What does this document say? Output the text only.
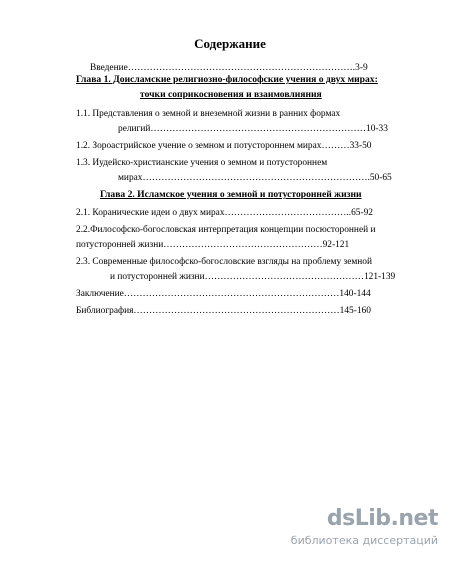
Содержание
Введение……………………………………………………………….3-9
Глава 1. Доисламские религиозно-философские учения о двух мирах:
точки соприкосновения и взаимовлияния
1.1. Представления о земной и внеземной жизни в ранних формах
религий……………………………………………………………10-33
1.2. Зороастрийское учение о земном и потустороннем мирах………33-50
1.3. Иудейско-христианские учения о земном и потустороннем
мирах……………………………………………………………….50-65
Глава 2. Исламское учения о земной и потусторонней жизни
2.1. Коранические идеи о двух мирах…………………………………..65-92
2.2.Философско-богословская интерпретация концепции посюсторонней и
потусторонней жизни……………………………………………92-121
2.3. Современные философско-богословские взгляды на проблему земной
и потусторонней жизни……………………………………………121-139
Заключение……………………………………………………………140-144
Библиография…………………………………………………………145-160
dsLib.net
библиотека диссертаций
